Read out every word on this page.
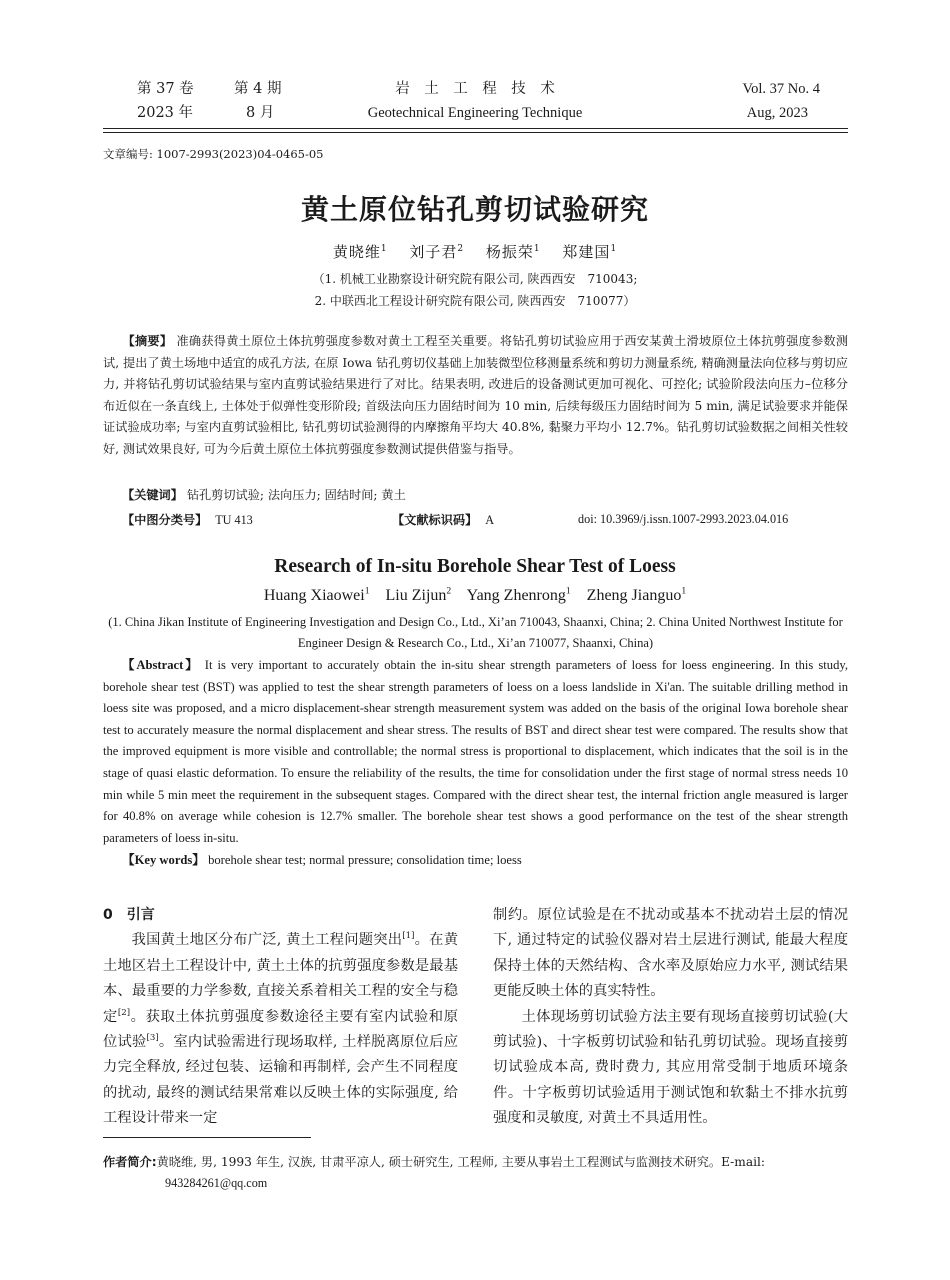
第 37 卷	第 4 期	岩　土　工　程　技　术	Vol. 37 No. 4
2023 年	8 月	Geotechnical Engineering Technique	Aug, 2023
文章编号: 1007-2993(2023)04-0465-05
黄土原位钻孔剪切试验研究
黄晓维$^1$　 刘子君$^2$　 杨振荣$^1$　 郑建国$^1$
（1. 机械工业勘察设计研究院有限公司, 陕西西安　710043;
2. 中联西北工程设计研究院有限公司, 陕西西安　710077）
【摘要】 准确获得黄土原位土体抗剪强度参数对黄土工程至关重要。将钻孔剪切试验应用于西安某黄土滑坡原位土体抗剪强度参数测试, 提出了黄土场地中适宜的成孔方法, 在原 Iowa 钻孔剪切仪基础上加装微型位移测量系统和剪切力测量系统, 精确测量法向位移与剪切应力, 并将钻孔剪切试验结果与室内直剪试验结果进行了对比。结果表明, 改进后的设备测试更加可视化、可控化; 试验阶段法向压力–位移分布近似在一条直线上, 土体处于似弹性变形阶段; 首级法向压力固结时间为 10 min, 后续每级压力固结时间为 5 min, 满足试验要求并能保证试验成功率; 与室内直剪试验相比, 钻孔剪切试验测得的内摩擦角平均大 40.8%, 黏聚力平均小 12.7%。钻孔剪切试验数据之间相关性较好, 测试效果良好, 可为今后黄土原位土体抗剪强度参数测试提供借鉴与指导。
【关键词】 钻孔剪切试验; 法向压力; 固结时间; 黄土
【中图分类号】 TU 413	【文献标识码】 A	doi: 10.3969/j.issn.1007-2993.2023.04.016
Research of In-situ Borehole Shear Test of Loess
Huang Xiaowei$^1$ Liu Zijun$^2$ Yang Zhenrong$^1$ Zheng Jianguo$^1$
(1. China Jikan Institute of Engineering Investigation and Design Co., Ltd., Xi’an 710043, Shaanxi, China; 2. China United Northwest Institute for Engineer Design & Research Co., Ltd., Xi’an 710077, Shaanxi, China)
【Abstract】 It is very important to accurately obtain the in-situ shear strength parameters of loess for loess engineering. In this study, borehole shear test (BST) was applied to test the shear strength parameters of loess on a loess landslide in Xi'an. The suitable drilling method in loess site was proposed, and a micro displacement-shear strength measurement system was added on the basis of the original Iowa borehole shear test to accurately measure the normal displacement and shear stress. The results of BST and direct shear test were compared. The results show that the improved equipment is more visible and controllable; the normal stress is proportional to displacement, which indicates that the soil is in the stage of quasi elastic deformation. To ensure the reliability of the results, the time for consolidation under the first stage of normal stress needs 10 min while 5 min meet the requirement in the subsequent stages. Compared with the direct shear test, the internal friction angle measured is larger for 40.8% on average while cohesion is 12.7% smaller. The borehole shear test shows a good performance on the test of the shear strength parameters of loess in-situ.
【Key words】 borehole shear test; normal pressure; consolidation time; loess

0　引言

我国黄土地区分布广泛, 黄土工程问题突出[1]。在黄土地区岩土工程设计中, 黄土土体的抗剪强度参数是最基本、最重要的力学参数, 直接关系着相关工程的安全与稳定[2]。获取土体抗剪强度参数途径主要有室内试验和原位试验[3]。室内试验需进行现场取样, 土样脱离原位后应力完全释放, 经过包装、运输和再制样, 会产生不同程度的扰动, 最终的测试结果常难以反映土体的实际强度, 给工程设计带来一定

制约。原位试验是在不扰动或基本不扰动岩土层的情况下, 通过特定的试验仪器对岩土层进行测试, 能最大程度保持土体的天然结构、含水率及原始应力水平, 测试结果更能反映土体的真实特性。

土体现场剪切试验方法主要有现场直接剪切试验(大剪试验)、十字板剪切试验和钻孔剪切试验。现场直接剪切试验成本高, 费时费力, 其应用常受制于地质环境条件。十字板剪切试验适用于测试饱和软黏土不排水抗剪强度和灵敏度, 对黄土不具适用性。

作者简介:黄晓维, 男, 1993 年生, 汉族, 甘肃平凉人, 硕士研究生, 工程师, 主要从事岩土工程测试与监测技术研究。E-mail:
943284261@qq.com
